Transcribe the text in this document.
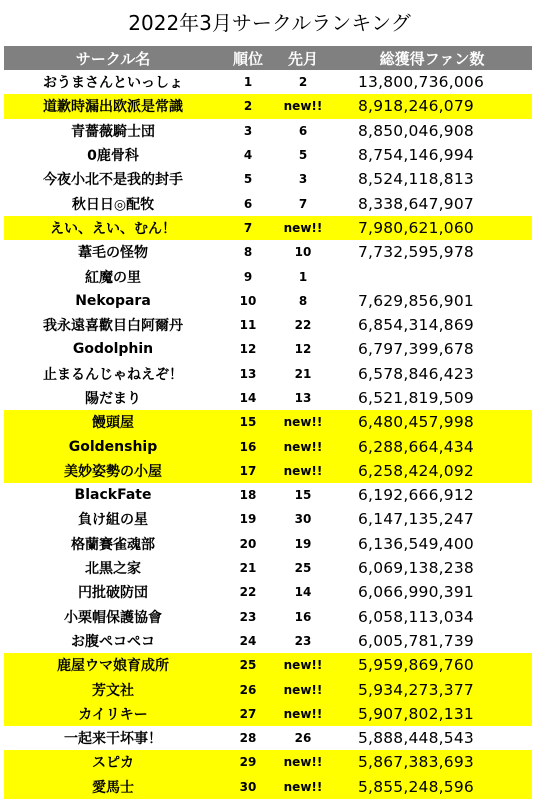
2022年3月サークルランキング
サークル名	順位	先月	総獲得ファン数
おうまさんといっしょ	1	2	13,800,736,006
道歉時漏出欧派是常識	2	new!!	8,918,246,079
青薔薇騎士団	3	6	8,850,046,908
0鹿骨科	4	5	8,754,146,994
今夜小北不是我的封手	5	3	8,524,118,813
秋日日◎配牧	6	7	8,338,647,907
えい、えい、むん！	7	new!!	7,980,621,060
葦毛の怪物	8	10	7,732,595,978
紅魔の里	9	1	
Nekopara	10	8	7,629,856,901
我永遠喜歡目白阿爾丹	11	22	6,854,314,869
Godolphin	12	12	6,797,399,678
止まるんじゃねえぞ！	13	21	6,578,846,423
陽だまり	14	13	6,521,819,509
饅頭屋	15	new!!	6,480,457,998
Goldenship	16	new!!	6,288,664,434
美妙姿勢の小屋	17	new!!	6,258,424,092
BlackFate	18	15	6,192,666,912
負け組の星	19	30	6,147,135,247
格蘭賽雀魂部	20	19	6,136,549,400
北黒之家	21	25	6,069,138,238
円批破防団	22	14	6,066,990,391
小栗帽保護協會	23	16	6,058,113,034
お腹ペコペコ	24	23	6,005,781,739
鹿屋ウマ娘育成所	25	new!!	5,959,869,760
芳文社	26	new!!	5,934,273,377
カイリキー	27	new!!	5,907,802,131
一起来干坏事！	28	26	5,888,448,543
スピカ	29	new!!	5,867,383,693
愛馬士	30	new!!	5,855,248,596
